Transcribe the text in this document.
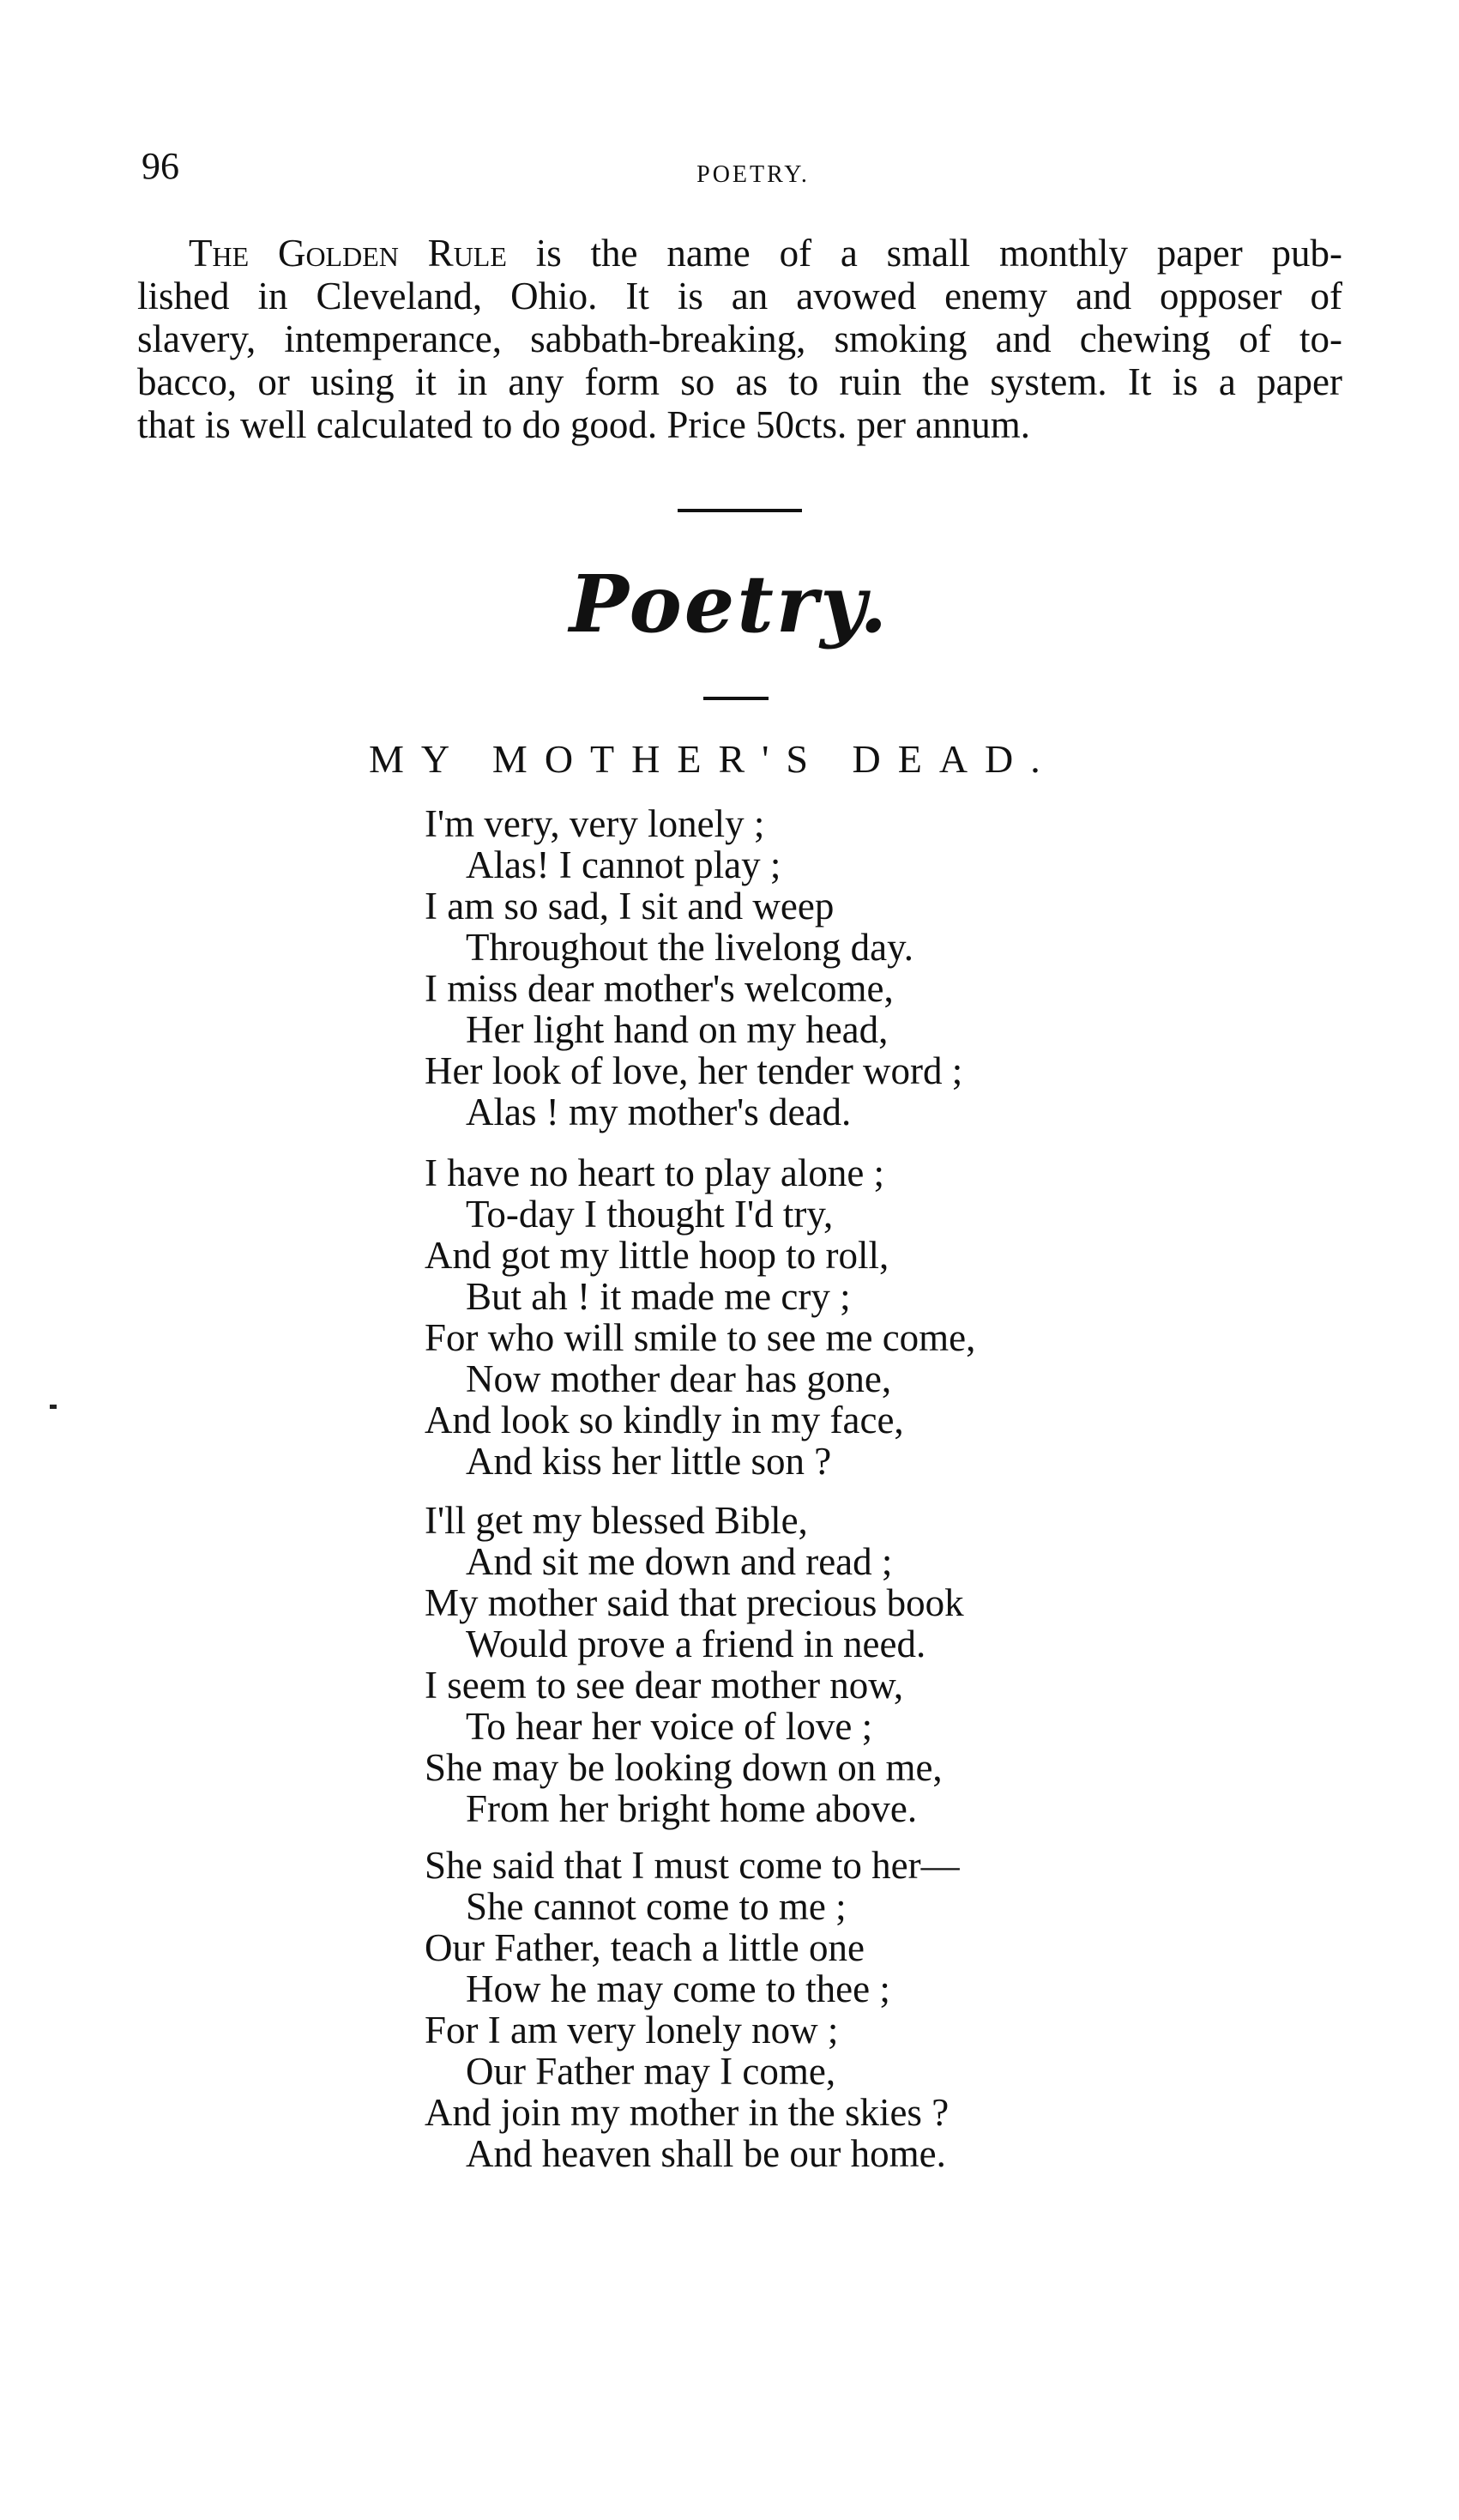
96	POETRY.
The Golden Rule is the name of a small monthly paper pub-
lished in Cleveland, Ohio. It is an avowed enemy and opposer of
slavery, intemperance, sabbath-breaking, smoking and chewing of to-
bacco, or using it in any form so as to ruin the system. It is a paper
that is well calculated to do good. Price 50cts. per annum.
Poetry.
MY MOTHER'S DEAD.
I'm very, very lonely ;
Alas! I cannot play ;
I am so sad, I sit and weep
Throughout the livelong day.
I miss dear mother's welcome,
Her light hand on my head,
Her look of love, her tender word ;
Alas ! my mother's dead.
I have no heart to play alone ;
To-day I thought I'd try,
And got my little hoop to roll,
But ah ! it made me cry ;
For who will smile to see me come,
Now mother dear has gone,
And look so kindly in my face,
And kiss her little son ?
I'll get my blessed Bible,
And sit me down and read ;
My mother said that precious book
Would prove a friend in need.
I seem to see dear mother now,
To hear her voice of love ;
She may be looking down on me,
From her bright home above.
She said that I must come to her—
She cannot come to me ;
Our Father, teach a little one
How he may come to thee ;
For I am very lonely now ;
Our Father may I come,
And join my mother in the skies ?
And heaven shall be our home.
